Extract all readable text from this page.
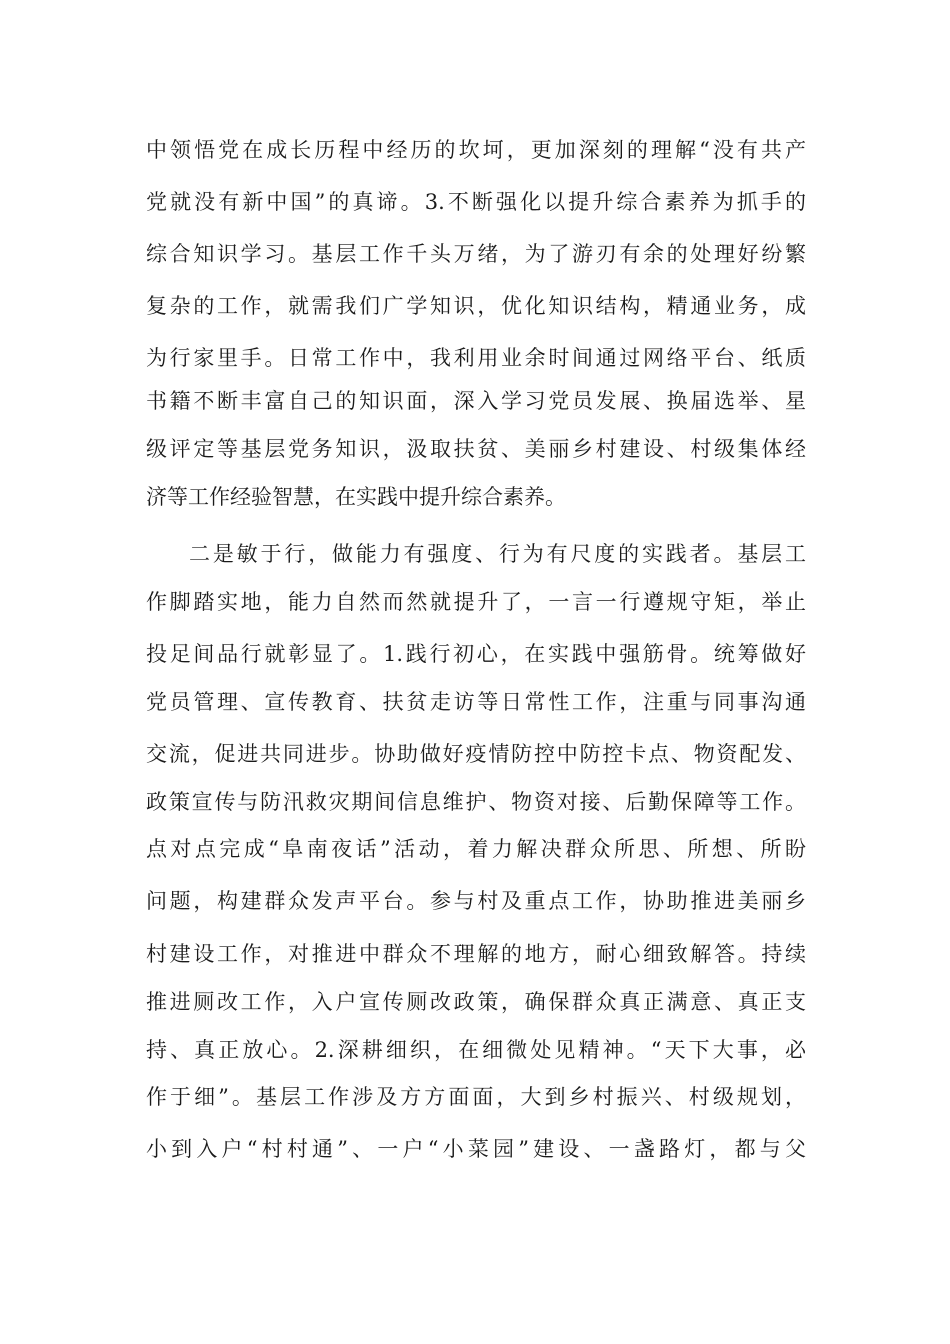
中领悟党在成长历程中经历的坎坷，更加深刻的理解“没有共产
党就没有新中国”的真谛。3.不断强化以提升综合素养为抓手的
综合知识学习。基层工作千头万绪，为了游刃有余的处理好纷繁
复杂的工作，就需我们广学知识，优化知识结构，精通业务，成
为行家里手。日常工作中，我利用业余时间通过网络平台、纸质
书籍不断丰富自己的知识面，深入学习党员发展、换届选举、星
级评定等基层党务知识，汲取扶贫、美丽乡村建设、村级集体经
济等工作经验智慧，在实践中提升综合素养。
二是敏于行，做能力有强度、行为有尺度的实践者。基层工
作脚踏实地，能力自然而然就提升了，一言一行遵规守矩，举止
投足间品行就彰显了。1.践行初心，在实践中强筋骨。统筹做好
党员管理、宣传教育、扶贫走访等日常性工作，注重与同事沟通
交流，促进共同进步。协助做好疫情防控中防控卡点、物资配发、
政策宣传与防汛救灾期间信息维护、物资对接、后勤保障等工作。
点对点完成“阜南夜话”活动，着力解决群众所思、所想、所盼
问题，构建群众发声平台。参与村及重点工作，协助推进美丽乡
村建设工作，对推进中群众不理解的地方，耐心细致解答。持续
推进厕改工作，入户宣传厕改政策，确保群众真正满意、真正支
持、真正放心。2.深耕细织，在细微处见精神。“天下大事，必
作于细”。基层工作涉及方方面面，大到乡村振兴、村级规划，
小到入户“村村通”、一户“小菜园”建设、一盏路灯，都与父
